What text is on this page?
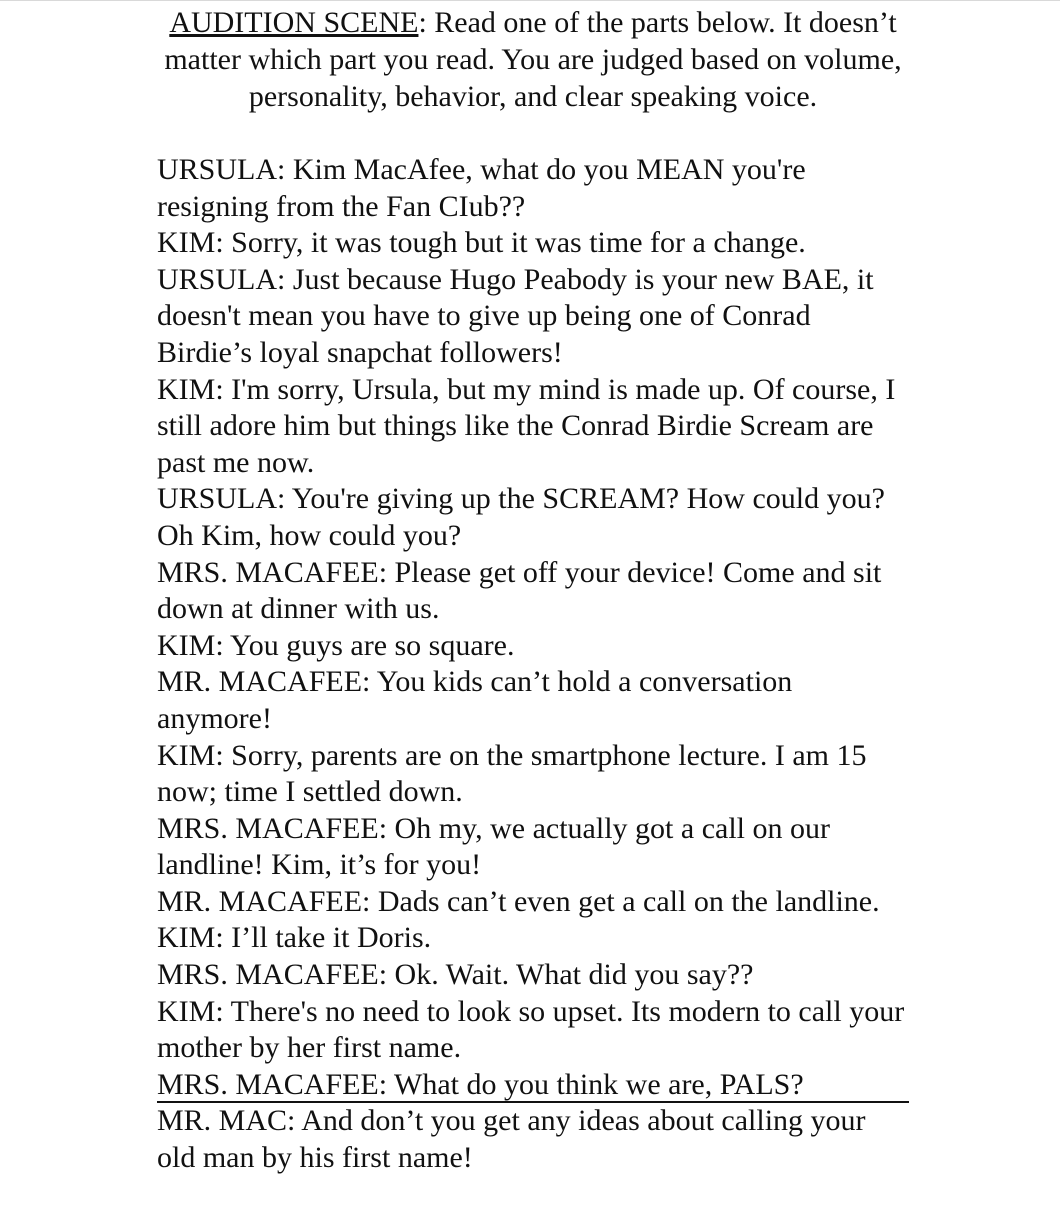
AUDITION SCENE: Read one of the parts below. It doesn’t matter which part you read. You are judged based on volume, personality, behavior, and clear speaking voice.

URSULA: Kim MacAfee, what do you MEAN you're resigning from the Fan CIub??

KIM: Sorry, it was tough but it was time for a change.

URSULA: Just because Hugo Peabody is your new BAE, it doesn't mean you have to give up being one of Conrad Birdie’s loyal snapchat followers!

KIM: I'm sorry, Ursula, but my mind is made up. Of course, I still adore him but things like the Conrad Birdie Scream are past me now.

URSULA: You're giving up the SCREAM? How could you? Oh Kim, how could you?

MRS. MACAFEE: Please get off your device! Come and sit down at dinner with us.

KIM: You guys are so square.

MR. MACAFEE: You kids can’t hold a conversation anymore!

KIM: Sorry, parents are on the smartphone lecture. I am 15 now; time I settled down.

MRS. MACAFEE: Oh my, we actually got a call on our landline! Kim, it’s for you!

MR. MACAFEE: Dads can’t even get a call on the landline.

KIM: I’ll take it Doris.

MRS. MACAFEE: Ok. Wait. What did you say??

KIM: There's no need to look so upset. Its modern to call your mother by her first name.

MRS. MACAFEE: What do you think we are, PALS?

MR. MAC: And don’t you get any ideas about calling your old man by his first name!
